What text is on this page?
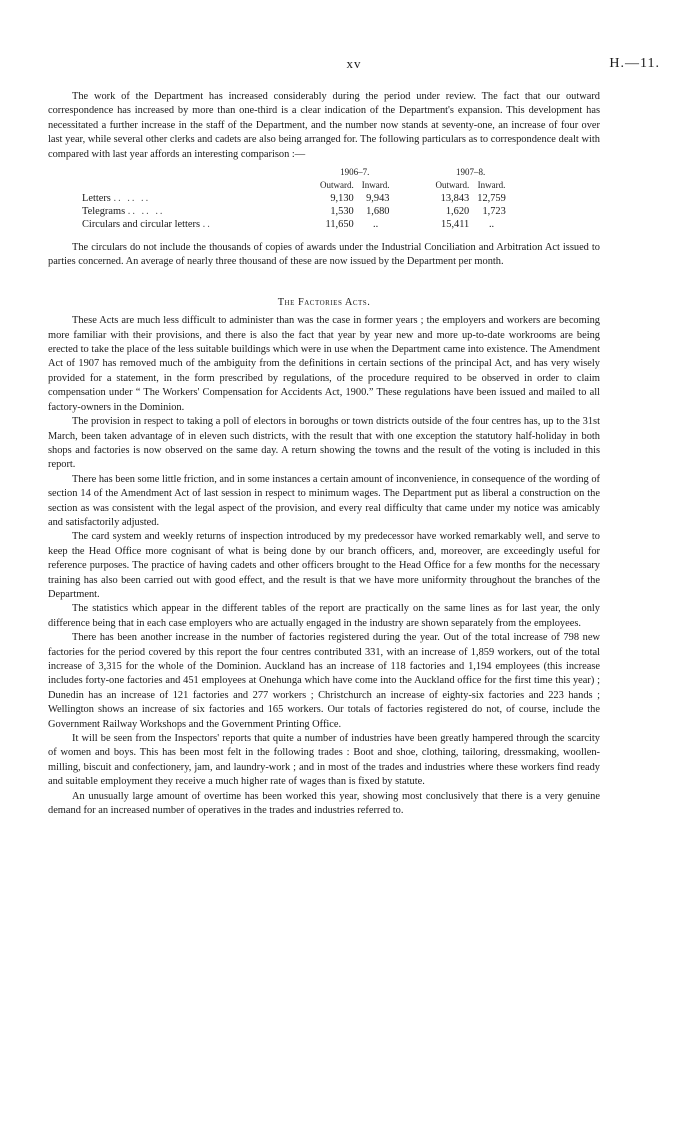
xv	H.—11.

The work of the Department has increased considerably during the period under review. The fact that our outward correspondence has increased by more than one-third is a clear indication of the Department's expansion. This development has necessitated a further increase in the staff of the Department, and the number now stands at seventy-one, an increase of four over last year, while several other clerks and cadets are also being arranged for. The following particulars as to correspondence dealt with compared with last year affords an interesting comparison :—

	1906–7.			1907–8.	
	Outward.	Inward.		Outward.	Inward.
Letters .. .. ..	9,130	9,943		13,843	12,759
Telegrams .. .. ..	1,530	1,680		1,620	1,723
Circulars and circular letters ..	11,650	..		15,411	..

The circulars do not include the thousands of copies of awards under the Industrial Conciliation and Arbitration Act issued to parties concerned. An average of nearly three thousand of these are now issued by the Department per month.

The Factories Acts.

These Acts are much less difficult to administer than was the case in former years ; the employers and workers are becoming more familiar with their provisions, and there is also the fact that year by year new and more up-to-date workrooms are being erected to take the place of the less suitable buildings which were in use when the Department came into existence. The Amendment Act of 1907 has removed much of the ambiguity from the definitions in certain sections of the principal Act, and has very wisely provided for a statement, in the form prescribed by regulations, of the procedure required to be observed in order to claim compensation under “ The Workers' Compensation for Accidents Act, 1900.” These regulations have been issued and mailed to all factory-owners in the Dominion.

The provision in respect to taking a poll of electors in boroughs or town districts outside of the four centres has, up to the 31st March, been taken advantage of in eleven such districts, with the result that with one exception the statutory half-holiday in both shops and factories is now observed on the same day. A return showing the towns and the result of the voting is included in this report.

There has been some little friction, and in some instances a certain amount of inconvenience, in consequence of the wording of section 14 of the Amendment Act of last session in respect to minimum wages. The Department put as liberal a construction on the section as was consistent with the legal aspect of the provision, and every real difficulty that came under my notice was amicably and satisfactorily adjusted.

The card system and weekly returns of inspection introduced by my predecessor have worked remarkably well, and serve to keep the Head Office more cognisant of what is being done by our branch officers, and, moreover, are exceedingly useful for reference purposes. The practice of having cadets and other officers brought to the Head Office for a few months for the necessary training has also been carried out with good effect, and the result is that we have more uniformity throughout the branches of the Department.

The statistics which appear in the different tables of the report are practically on the same lines as for last year, the only difference being that in each case employers who are actually engaged in the industry are shown separately from the employees.

There has been another increase in the number of factories registered during the year. Out of the total increase of 798 new factories for the period covered by this report the four centres contributed 331, with an increase of 1,859 workers, out of the total increase of 3,315 for the whole of the Dominion. Auckland has an increase of 118 factories and 1,194 employees (this increase includes forty-one factories and 451 employees at Onehunga which have come into the Auckland office for the first time this year) ; Dunedin has an increase of 121 factories and 277 workers ; Christchurch an increase of eighty-six factories and 223 hands ; Wellington shows an increase of six factories and 165 workers. Our totals of factories registered do not, of course, include the Government Railway Workshops and the Government Printing Office.

It will be seen from the Inspectors' reports that quite a number of industries have been greatly hampered through the scarcity of women and boys. This has been most felt in the following trades : Boot and shoe, clothing, tailoring, dressmaking, woollen-milling, biscuit and confectionery, jam, and laundry-work ; and in most of the trades and industries where these workers find ready and suitable employment they receive a much higher rate of wages than is fixed by statute.

An unusually large amount of overtime has been worked this year, showing most conclusively that there is a very genuine demand for an increased number of operatives in the trades and industries referred to.
